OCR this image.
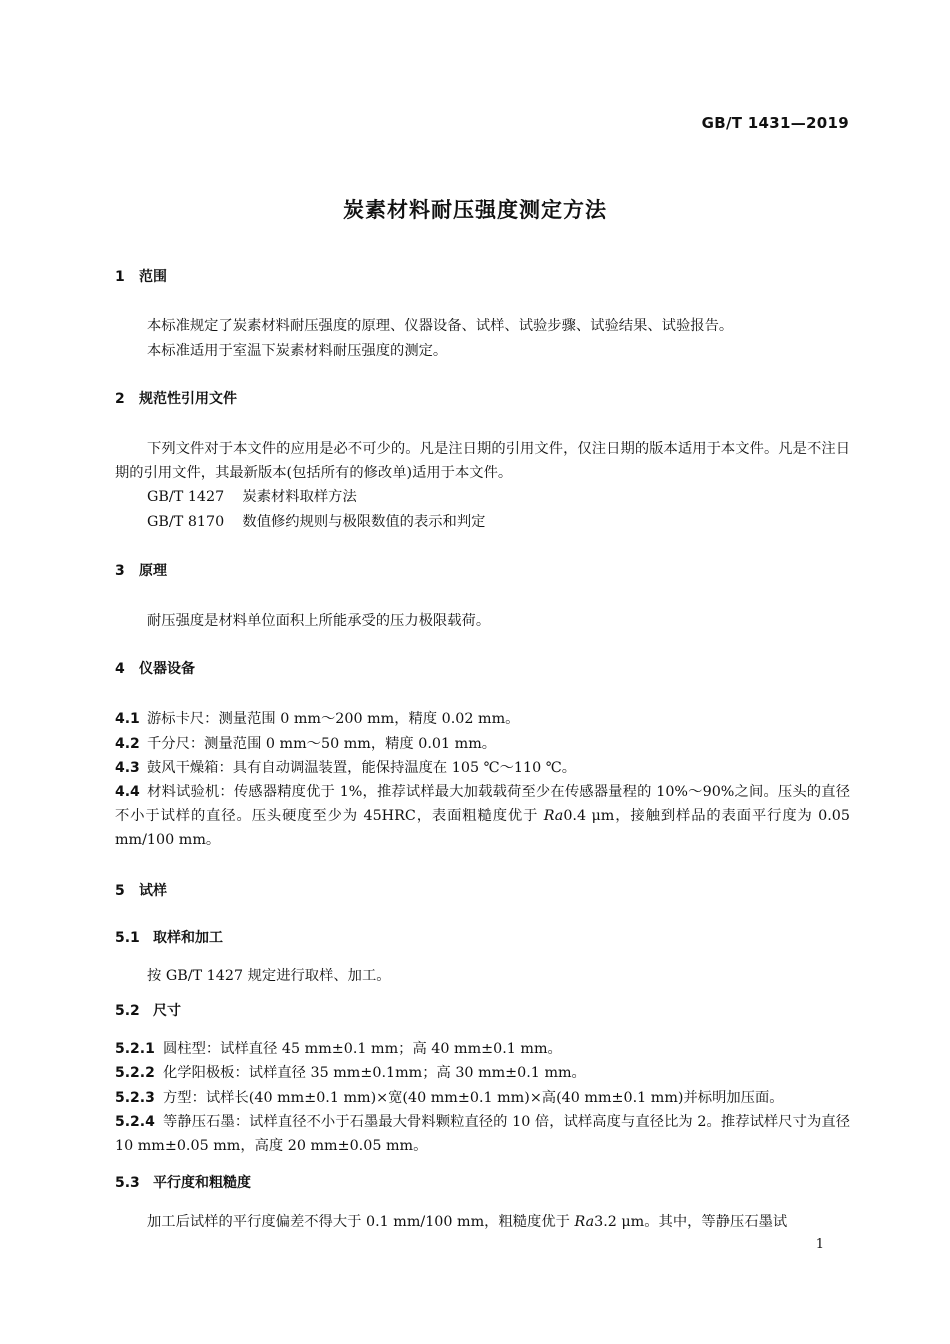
GB/T 1431—2019
炭素材料耐压强度测定方法
1 范围
本标准规定了炭素材料耐压强度的原理、仪器设备、试样、试验步骤、试验结果、试验报告。
本标准适用于室温下炭素材料耐压强度的测定。
2 规范性引用文件
下列文件对于本文件的应用是必不可少的。凡是注日期的引用文件，仅注日期的版本适用于本文件。凡是不注日期的引用文件，其最新版本(包括所有的修改单)适用于本文件。
GB/T 1427 炭素材料取样方法
GB/T 8170 数值修约规则与极限数值的表示和判定
3 原理
耐压强度是材料单位面积上所能承受的压力极限载荷。
4 仪器设备
4.1 游标卡尺：测量范围 0 mm～200 mm，精度 0.02 mm。
4.2 千分尺：测量范围 0 mm～50 mm，精度 0.01 mm。
4.3 鼓风干燥箱：具有自动调温装置，能保持温度在 105 ℃～110 ℃。
4.4 材料试验机：传感器精度优于 1%，推荐试样最大加载载荷至少在传感器量程的 10%～90%之间。压头的直径不小于试样的直径。压头硬度至少为 45HRC，表面粗糙度优于 Ra0.4 μm，接触到样品的表面平行度为 0.05 mm/100 mm。
5 试样
5.1 取样和加工
按 GB/T 1427 规定进行取样、加工。
5.2 尺寸
5.2.1 圆柱型：试样直径 45 mm±0.1 mm；高 40 mm±0.1 mm。
5.2.2 化学阳极板：试样直径 35 mm±0.1mm；高 30 mm±0.1 mm。
5.2.3 方型：试样长(40 mm±0.1 mm)×宽(40 mm±0.1 mm)×高(40 mm±0.1 mm)并标明加压面。
5.2.4 等静压石墨：试样直径不小于石墨最大骨料颗粒直径的 10 倍，试样高度与直径比为 2。推荐试样尺寸为直径 10 mm±0.05 mm，高度 20 mm±0.05 mm。
5.3 平行度和粗糙度
加工后试样的平行度偏差不得大于 0.1 mm/100 mm，粗糙度优于 Ra3.2 μm。其中，等静压石墨试
1
